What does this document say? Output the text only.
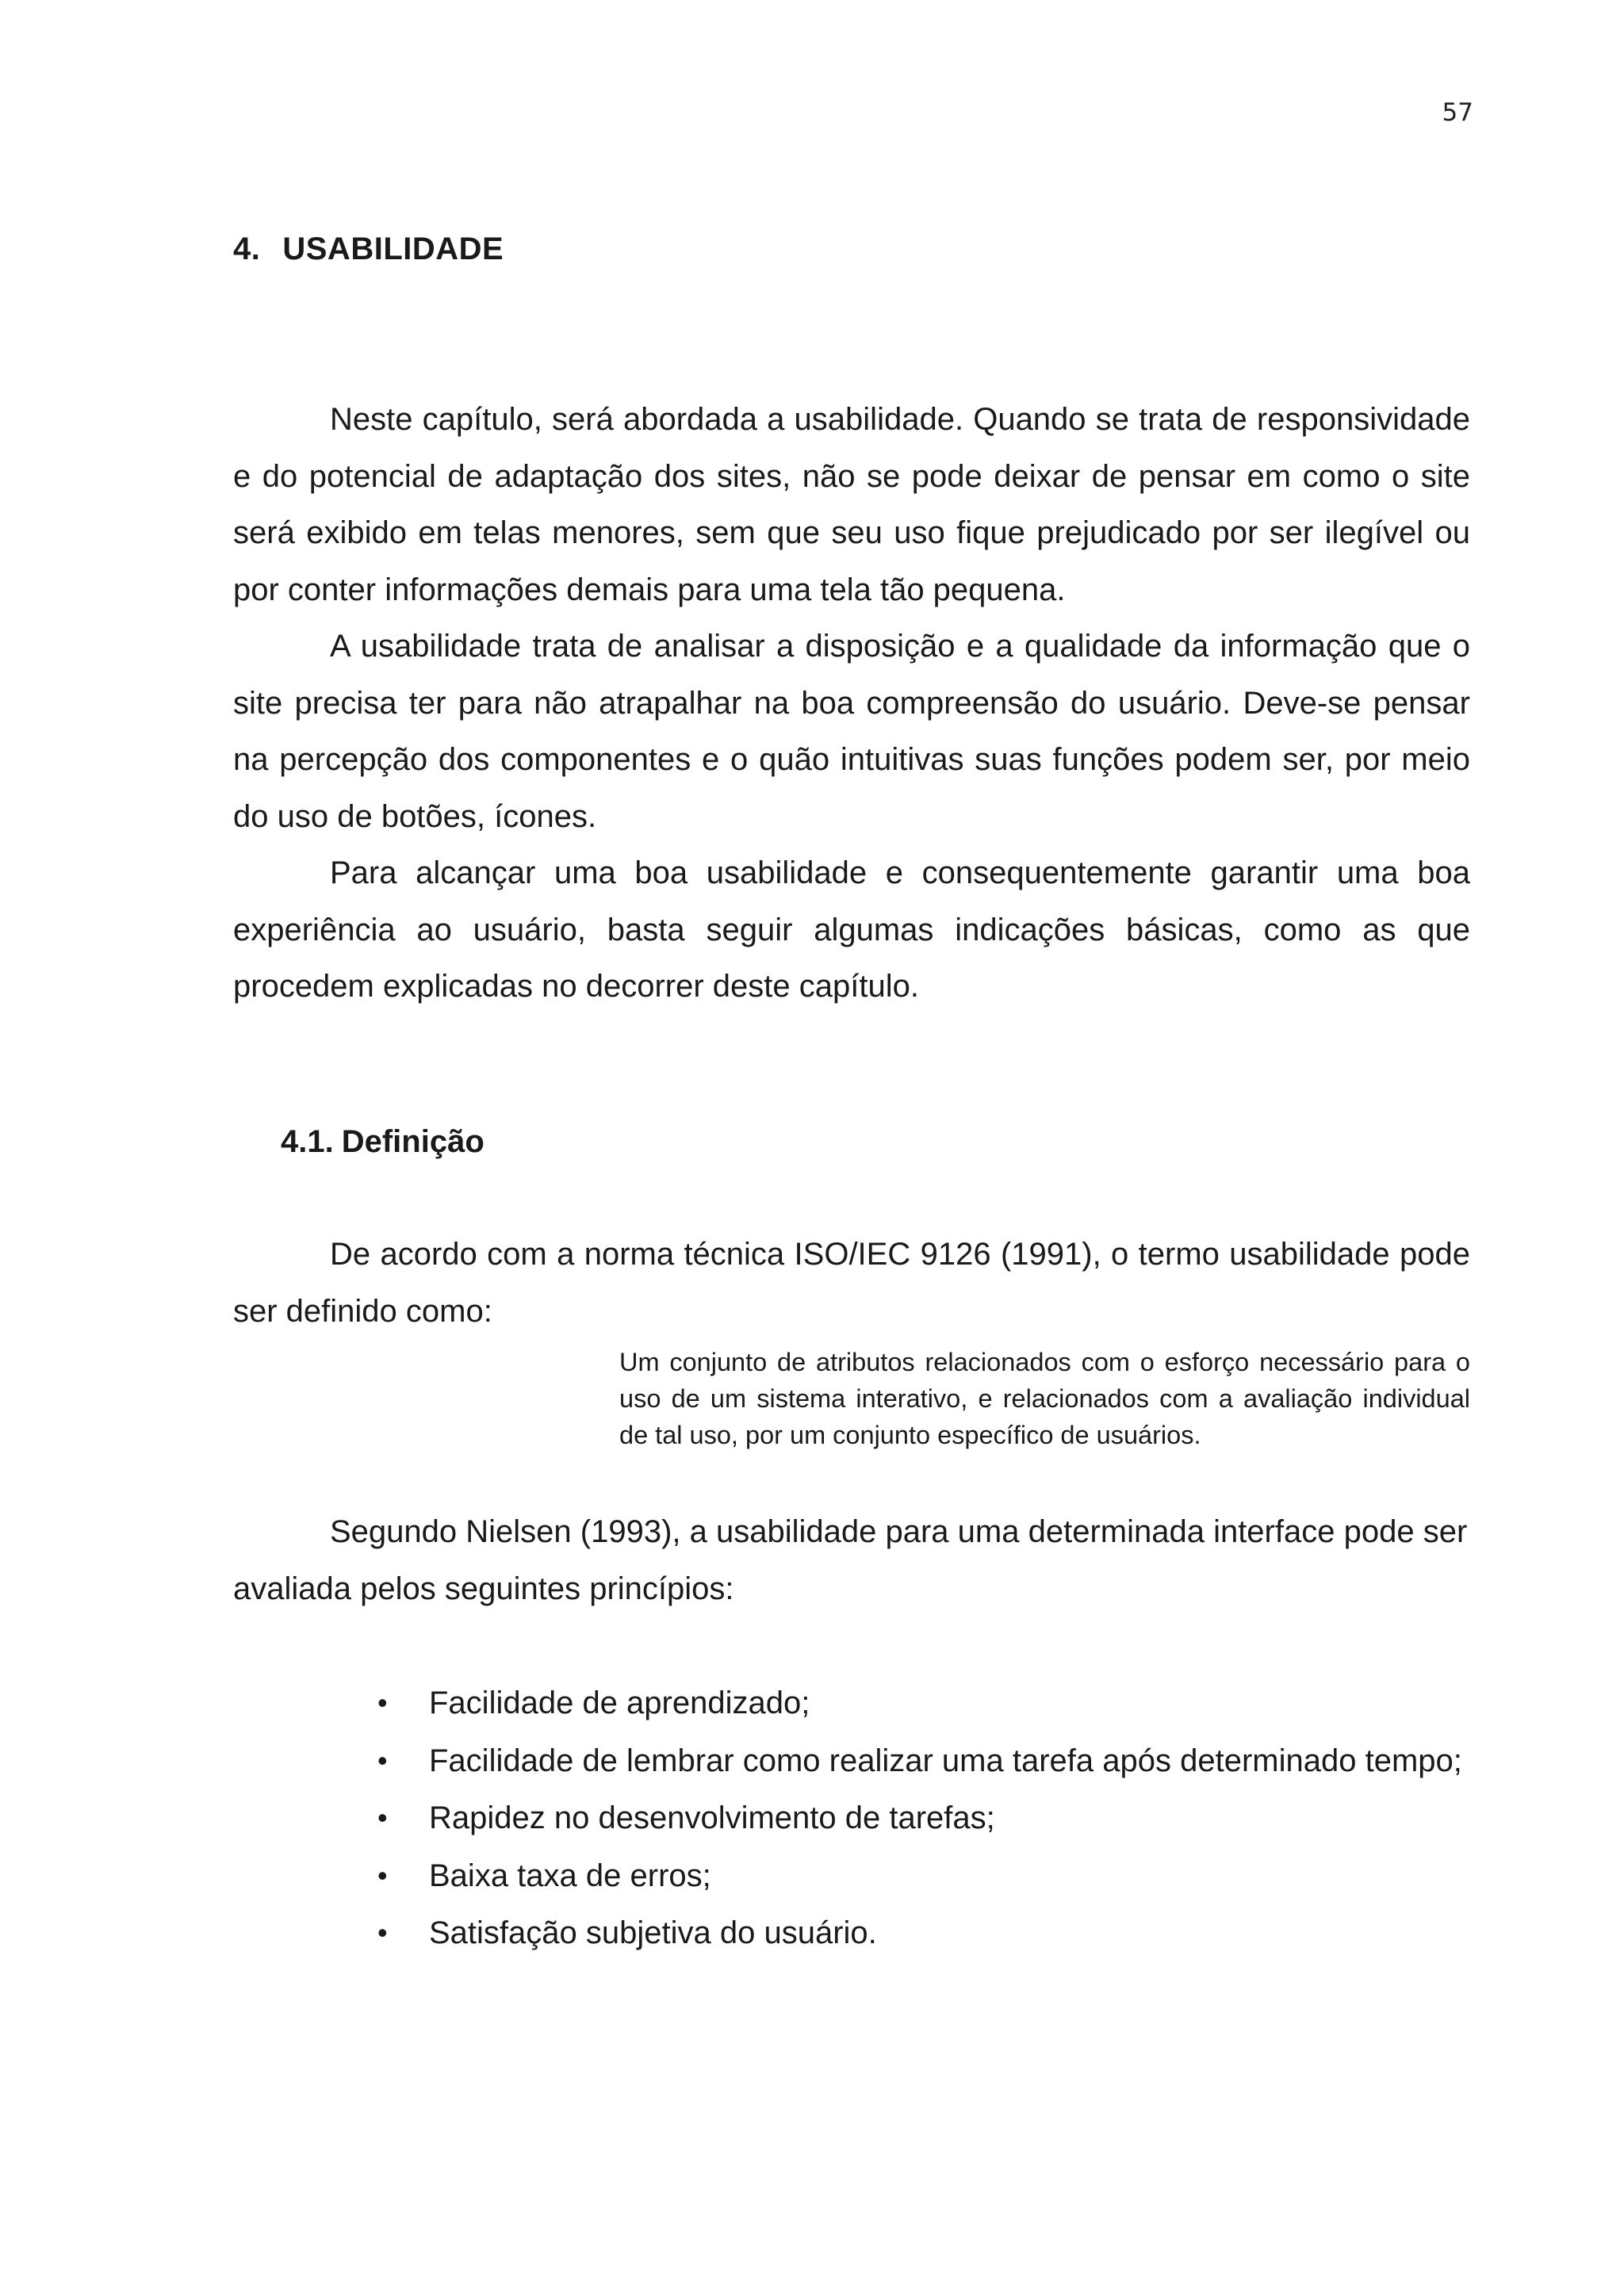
57
4. USABILIDADE

Neste capítulo, será abordada a usabilidade. Quando se trata de responsividade e do potencial de adaptação dos sites, não se pode deixar de pensar em como o site será exibido em telas menores, sem que seu uso fique prejudicado por ser ilegível ou por conter informações demais para uma tela tão pequena.

A usabilidade trata de analisar a disposição e a qualidade da informação que o site precisa ter para não atrapalhar na boa compreensão do usuário. Deve-se pensar na percepção dos componentes e o quão intuitivas suas funções podem ser, por meio do uso de botões, ícones.

Para alcançar uma boa usabilidade e consequentemente garantir uma boa experiência ao usuário, basta seguir algumas indicações básicas, como as que procedem explicadas no decorrer deste capítulo.

4.1. Definição

De acordo com a norma técnica ISO/IEC 9126 (1991), o termo usabilidade pode ser definido como:

Um conjunto de atributos relacionados com o esforço necessário para o uso de um sistema interativo, e relacionados com a avaliação individual de tal uso, por um conjunto específico de usuários.

Segundo Nielsen (1993), a usabilidade para uma determinada interface pode ser avaliada pelos seguintes princípios:

• Facilidade de aprendizado;
• Facilidade de lembrar como realizar uma tarefa após determinado tempo;
• Rapidez no desenvolvimento de tarefas;
• Baixa taxa de erros;
• Satisfação subjetiva do usuário.
